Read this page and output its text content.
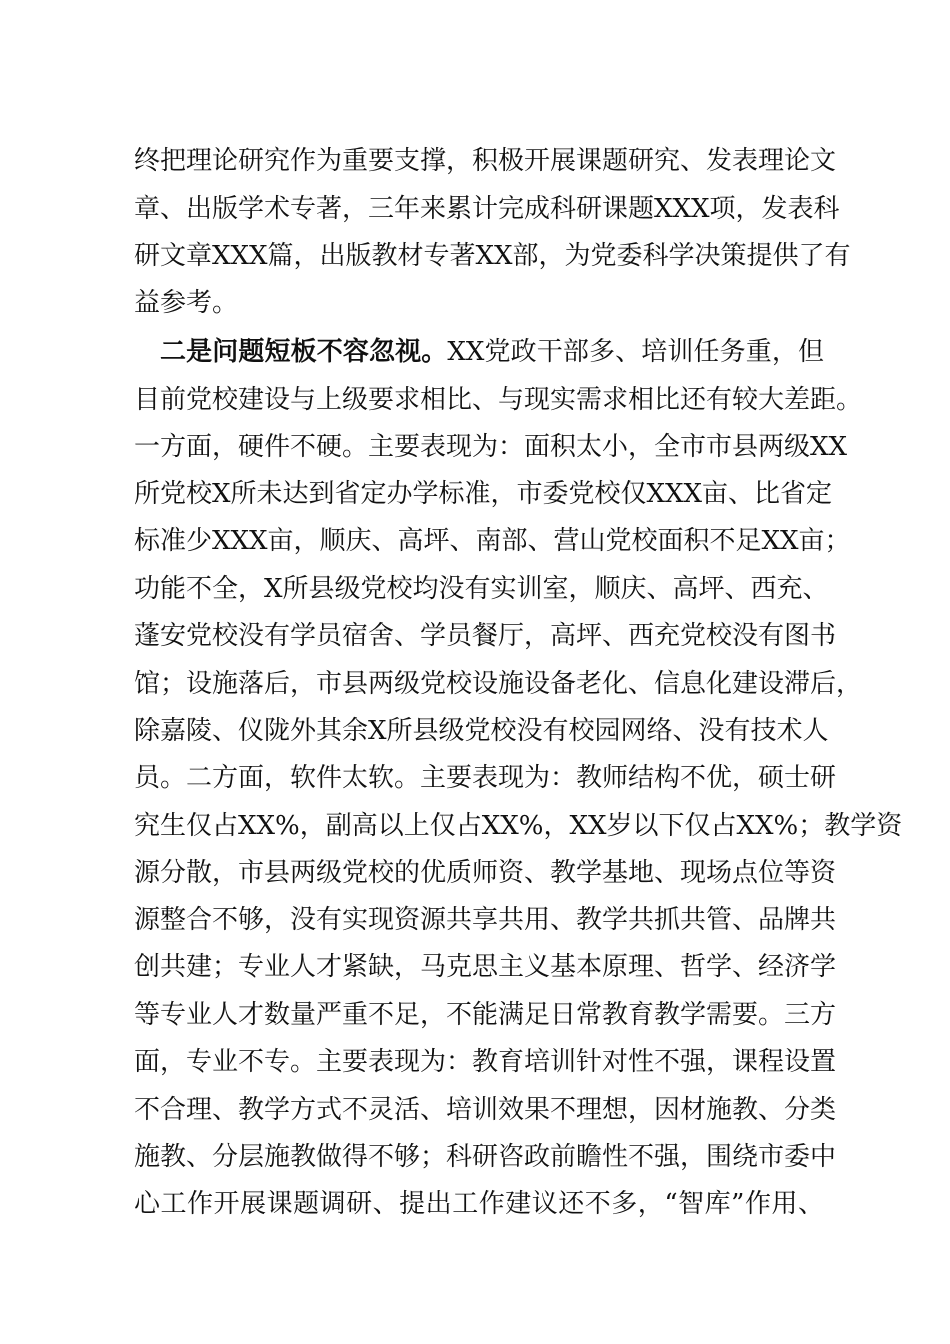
终把理论研究作为重要支撑，积极开展课题研究、发表理论文
章、出版学术专著，三年来累计完成科研课题XXX项，发表科
研文章XXX篇，出版教材专著XX部，为党委科学决策提供了有
益参考。
二是问题短板不容忽视。XX党政干部多、培训任务重，但
目前党校建设与上级要求相比、与现实需求相比还有较大差距。
一方面，硬件不硬。主要表现为：面积太小，全市市县两级XX
所党校X所未达到省定办学标准，市委党校仅XXX亩、比省定
标准少XXX亩，顺庆、高坪、南部、营山党校面积不足XX亩；
功能不全，X所县级党校均没有实训室，顺庆、高坪、西充、
蓬安党校没有学员宿舍、学员餐厅，高坪、西充党校没有图书
馆；设施落后，市县两级党校设施设备老化、信息化建设滞后，
除嘉陵、仪陇外其余X所县级党校没有校园网络、没有技术人
员。二方面，软件太软。主要表现为：教师结构不优，硕士研
究生仅占XX%，副高以上仅占XX%，XX岁以下仅占XX%；教学资
源分散，市县两级党校的优质师资、教学基地、现场点位等资
源整合不够，没有实现资源共享共用、教学共抓共管、品牌共
创共建；专业人才紧缺，马克思主义基本原理、哲学、经济学
等专业人才数量严重不足，不能满足日常教育教学需要。三方
面，专业不专。主要表现为：教育培训针对性不强，课程设置
不合理、教学方式不灵活、培训效果不理想，因材施教、分类
施教、分层施教做得不够；科研咨政前瞻性不强，围绕市委中
心工作开展课题调研、提出工作建议还不多，“智库”作用、
